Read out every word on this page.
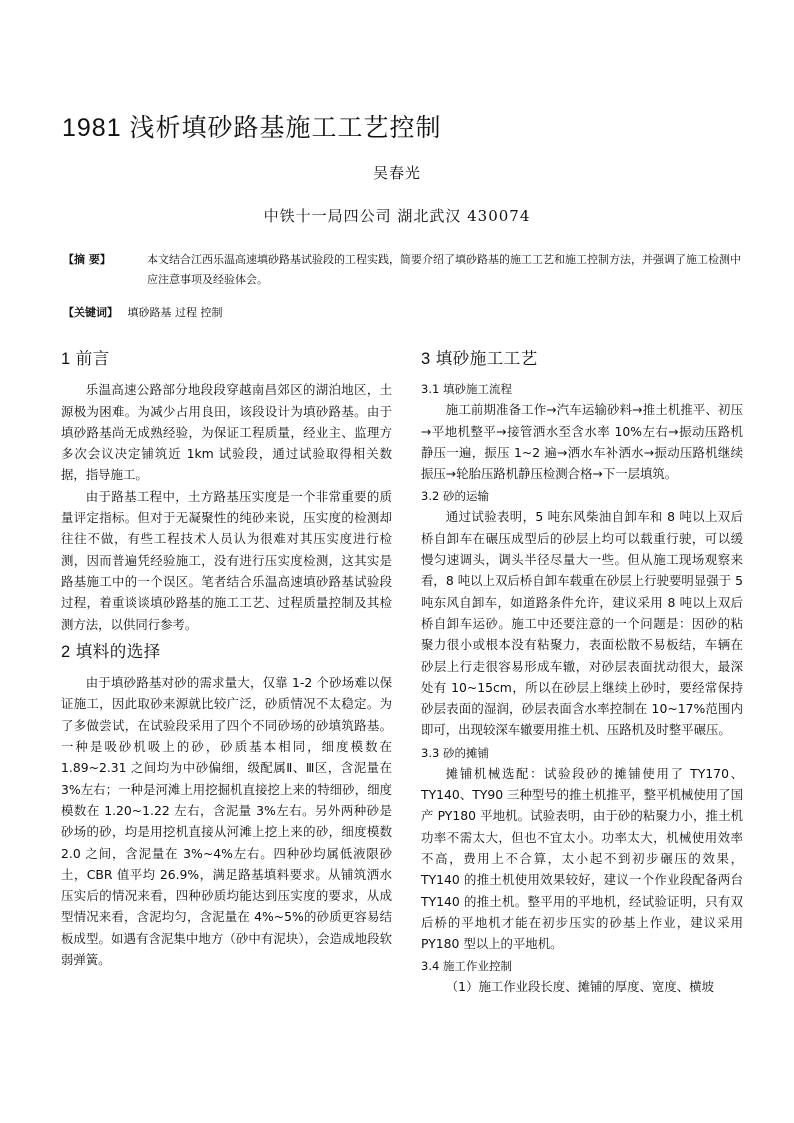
1981 浅析填砂路基施工工艺控制
吴春光
中铁十一局四公司 湖北武汉 430074
【摘 要】	本文结合江西乐温高速填砂路基试验段的工程实践，简要介绍了填砂路基的施工工艺和施工控制方法，并强调了施工检测中应注意事项及经验体会。
【关键词】 填砂路基 过程 控制
1 前言

乐温高速公路部分地段段穿越南昌郊区的湖泊地区，土源极为困难。为减少占用良田，该段设计为填砂路基。由于填砂路基尚无成熟经验，为保证工程质量，经业主、监理方多次会议决定铺筑近 1km 试验段，通过试验取得相关数据，指导施工。

由于路基工程中，土方路基压实度是一个非常重要的质量评定指标。但对于无凝聚性的纯砂来说，压实度的检测却往往不做，有些工程技术人员认为很难对其压实度进行检测，因而普遍凭经验施工，没有进行压实度检测，这其实是路基施工中的一个误区。笔者结合乐温高速填砂路基试验段过程，着重谈谈填砂路基的施工工艺、过程质量控制及其检测方法，以供同行参考。

2 填料的选择

由于填砂路基对砂的需求量大，仅靠 1-2 个砂场难以保证施工，因此取砂来源就比较广泛，砂质情况不太稳定。为了多做尝试，在试验段采用了四个不同砂场的砂填筑路基。一种是吸砂机吸上的砂，砂质基本相同，细度模数在 1.89~2.31 之间均为中砂偏细，级配属Ⅱ、Ⅲ区，含泥量在 3%左右；一种是河滩上用挖掘机直接挖上来的特细砂，细度模数在 1.20~1.22 左右，含泥量 3%左右。另外两种砂是砂场的砂，均是用挖机直接从河滩上挖上来的砂，细度模数 2.0 之间，含泥量在 3%~4%左右。四种砂均属低液限砂土，CBR 值平均 26.9%，满足路基填料要求。从铺筑洒水压实后的情况来看，四种砂质均能达到压实度的要求，从成型情况来看，含泥均匀，含泥量在 4%~5%的砂质更容易结板成型。如遇有含泥集中地方（砂中有泥块），会造成地段软弱弹簧。

3 填砂施工工艺
3.1 填砂施工流程

施工前期准备工作→汽车运输砂料→推土机推平、初压→平地机整平→接管洒水至含水率 10%左右→振动压路机静压一遍，振压 1~2 遍→洒水车补洒水→振动压路机继续振压→轮胎压路机静压检测合格→下一层填筑。

3.2 砂的运输

通过试验表明，5 吨东风柴油自卸车和 8 吨以上双后桥自卸车在碾压成型后的砂层上均可以载重行驶，可以缓慢匀速调头，调头半径尽量大一些。但从施工现场观察来看，8 吨以上双后桥自卸车载重在砂层上行驶要明显强于 5 吨东风自卸车，如道路条件允许，建议采用 8 吨以上双后桥自卸车运砂。施工中还要注意的一个问题是：因砂的粘聚力很小或根本没有粘聚力，表面松散不易板结，车辆在砂层上行走很容易形成车辙，对砂层表面扰动很大，最深处有 10~15cm，所以在砂层上继续上砂时，要经常保持砂层表面的湿润，砂层表面含水率控制在 10~17%范围内即可，出现较深车辙要用推土机、压路机及时整平碾压。

3.3 砂的摊铺

摊铺机械选配：试验段砂的摊铺使用了 TY170、TY140、TY90 三种型号的推土机推平，整平机械使用了国产 PY180 平地机。试验表明，由于砂的粘聚力小，推土机功率不需太大，但也不宜太小。功率太大，机械使用效率不高，费用上不合算，太小起不到初步碾压的效果，TY140 的推土机使用效果较好，建议一个作业段配备两台 TY140 的推土机。整平用的平地机，经试验证明，只有双后桥的平地机才能在初步压实的砂基上作业，建议采用 PY180 型以上的平地机。

3.4 施工作业控制

（1）施工作业段长度、摊铺的厚度、宽度、横坡
